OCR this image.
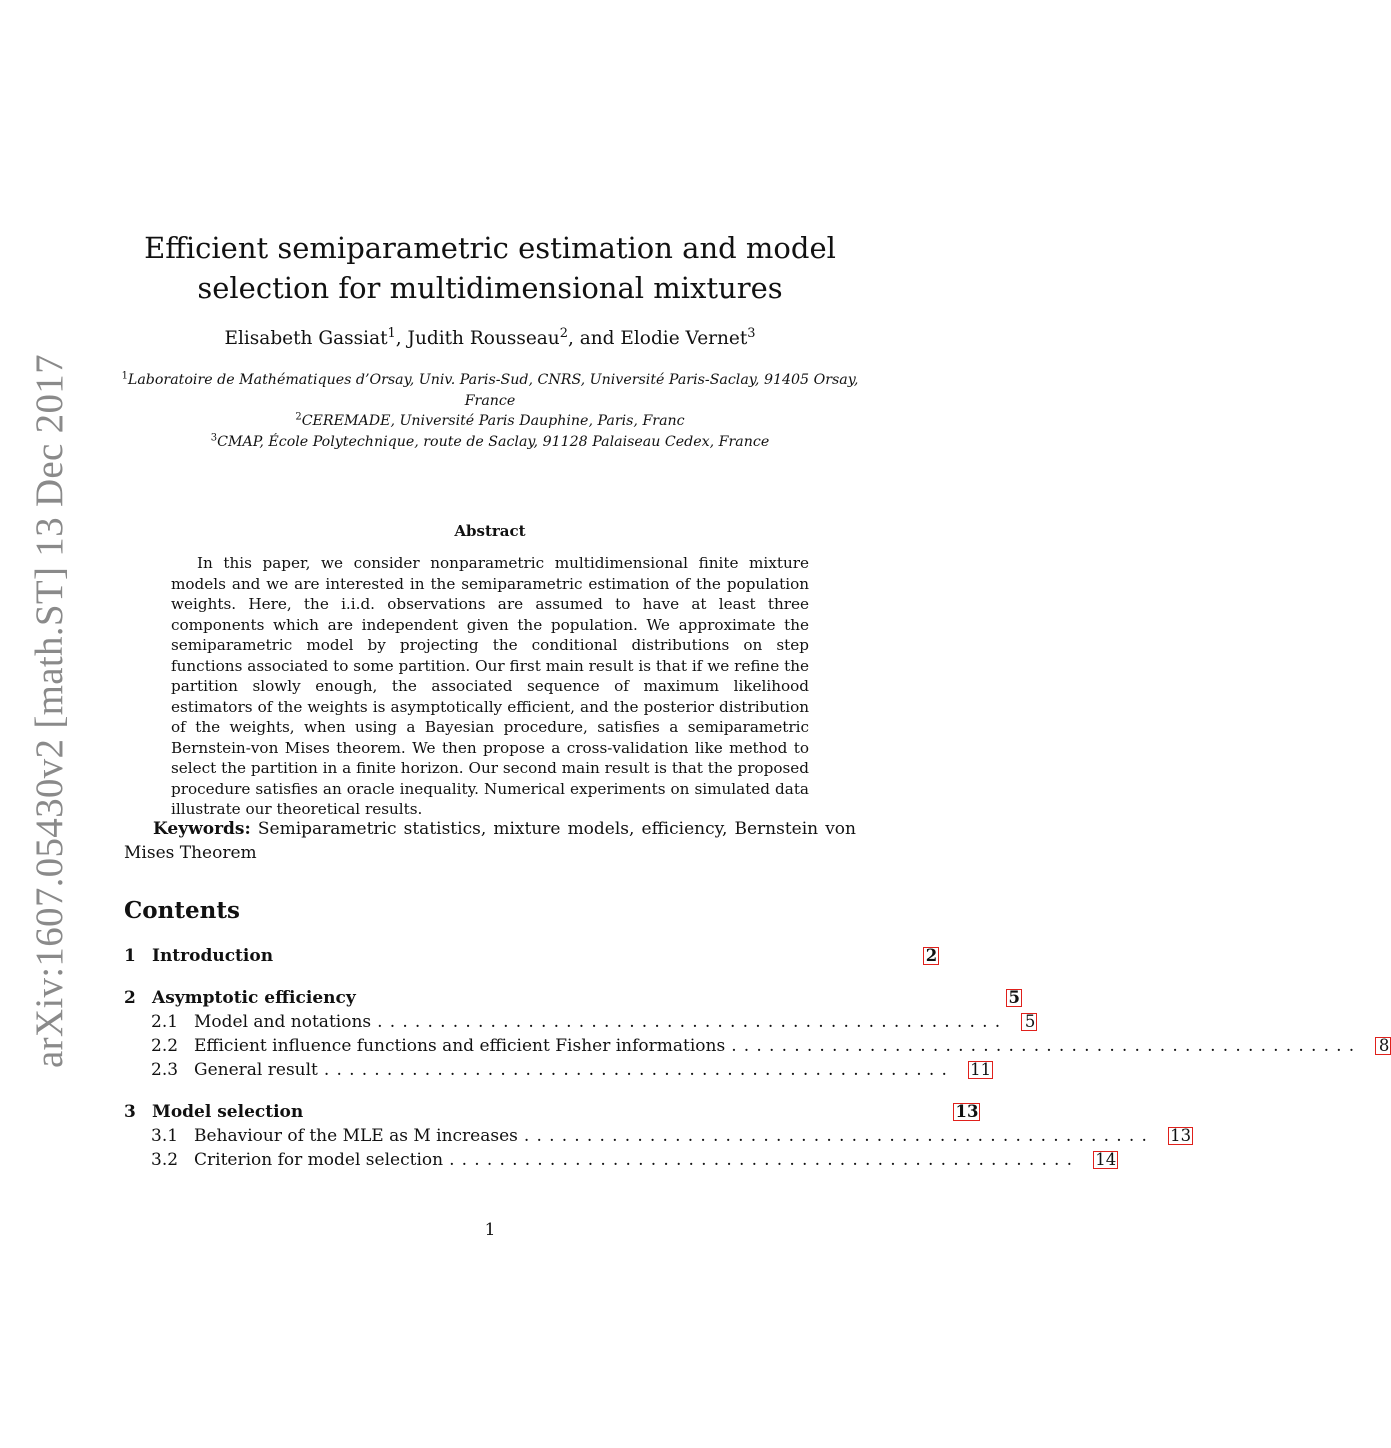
arXiv:1607.05430v2 [math.ST] 13 Dec 2017
Efficient semiparametric estimation and model
selection for multidimensional mixtures
Elisabeth Gassiat$^1$, Judith Rousseau$^2$, and Elodie Vernet$^3$
$^1$Laboratoire de Mathématiques d’Orsay, Univ. Paris-Sud, CNRS, Université Paris-Saclay, 91405 Orsay,
France
$^2$CEREMADE, Université Paris Dauphine, Paris, Franc
$^3$CMAP, École Polytechnique, route de Saclay, 91128 Palaiseau Cedex, France
Abstract
In this paper, we consider nonparametric multidimensional finite mixture models and we are interested in the semiparametric estimation of the population weights. Here, the i.i.d. observations are assumed to have at least three components which are independent given the population. We approximate the semiparametric model by projecting the conditional distributions on step functions associated to some partition. Our first main result is that if we refine the partition slowly enough, the associated sequence of maximum likelihood estimators of the weights is asymptotically efficient, and the posterior distribution of the weights, when using a Bayesian procedure, satisfies a semiparametric Bernstein-von Mises theorem. We then propose a cross-validation like method to select the partition in a finite horizon. Our second main result is that the proposed procedure satisfies an oracle inequality. Numerical experiments on simulated data illustrate our theoretical results.
Keywords: Semiparametric statistics, mixture models, efficiency, Bernstein von Mises Theorem
Contents
1 Introduction	2
2 Asymptotic efficiency	5
2.1 Model and notations ..................................................	5
2.2 Efficient influence functions and efficient Fisher informations ..................................................	8
2.3 General result .................................................. 11
3 Model selection	13
3.1 Behaviour of the MLE as M increases .................................................. 13
3.2 Criterion for model selection .................................................. 14
1
